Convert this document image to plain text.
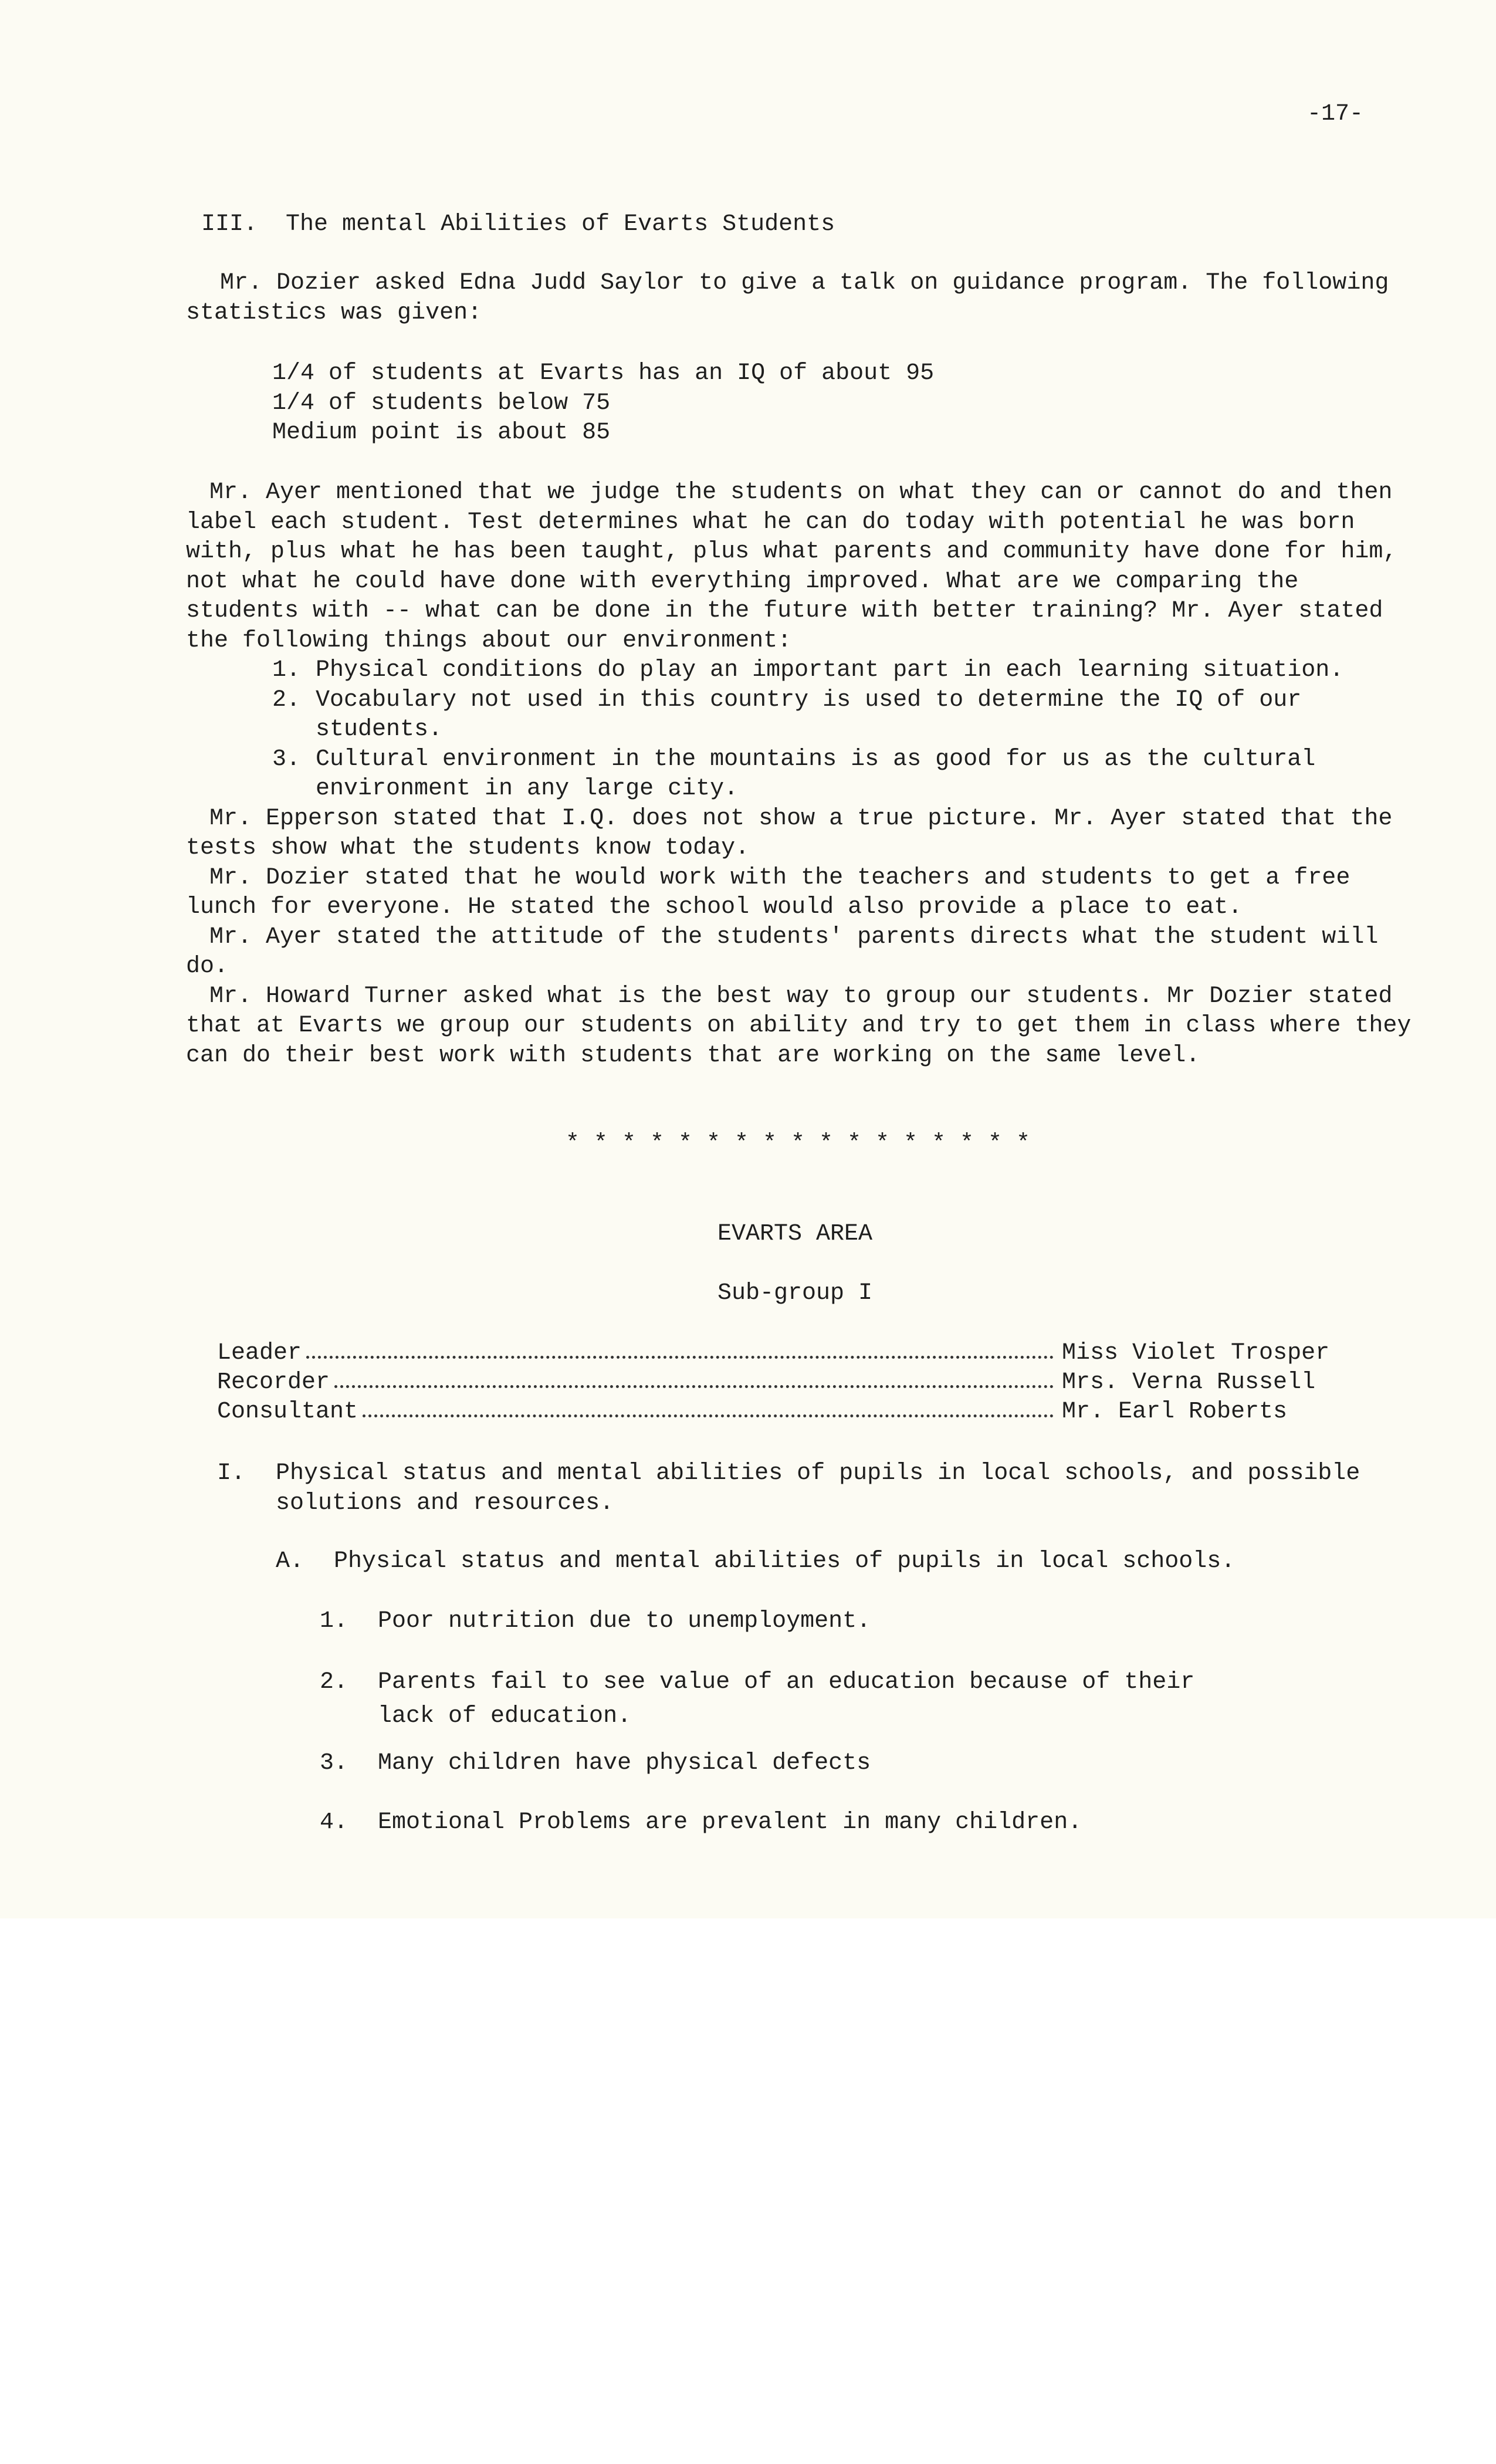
-17-
III.  The mental Abilities of Evarts Students

Mr. Dozier asked Edna Judd Saylor to give a talk on guidance program. The following statistics was given:

1/4 of students at Evarts has an IQ of about 95

1/4 of students below 75

Medium point is about 85

Mr. Ayer mentioned that we judge the students on what they can or cannot do and then label each student. Test determines what he can do today with potential he was born with, plus what he has been taught, plus what parents and community have done for him, not what he could have done with everything improved. What are we comparing the students with -- what can be done in the future with better training? Mr. Ayer stated the following things about our environment:

1. Physical conditions do play an important part in each learning situation.
2. Vocabulary not used in this country is used to determine the IQ of our students.
3. Cultural environment in the mountains is as good for us as the cultural environment in any large city.

Mr. Epperson stated that I.Q. does not show a true picture. Mr. Ayer stated that the tests show what the students know today.

Mr. Dozier stated that he would work with the teachers and students to get a free lunch for everyone. He stated the school would also provide a place to eat.

Mr. Ayer stated the attitude of the students' parents directs what the student will do.

Mr. Howard Turner asked what is the best way to group our students. Mr Dozier stated that at Evarts we group our students on ability and try to get them in class where they can do their best work with students that are working on the same level.

* * * * * * * * * * * * * * * * *
EVARTS AREA
Sub-group I
Leader	Miss Violet Trosper
Recorder	Mrs. Verna Russell
Consultant	Mr. Earl Roberts
I.	Physical status and mental abilities of pupils in local schools, and possible solutions and resources.
A.	Physical status and mental abilities of pupils in local schools.
1.	Poor nutrition due to unemployment.
2.	Parents fail to see value of an education because of their lack of education.
3.	Many children have physical defects
4.	Emotional Problems are prevalent in many children.
